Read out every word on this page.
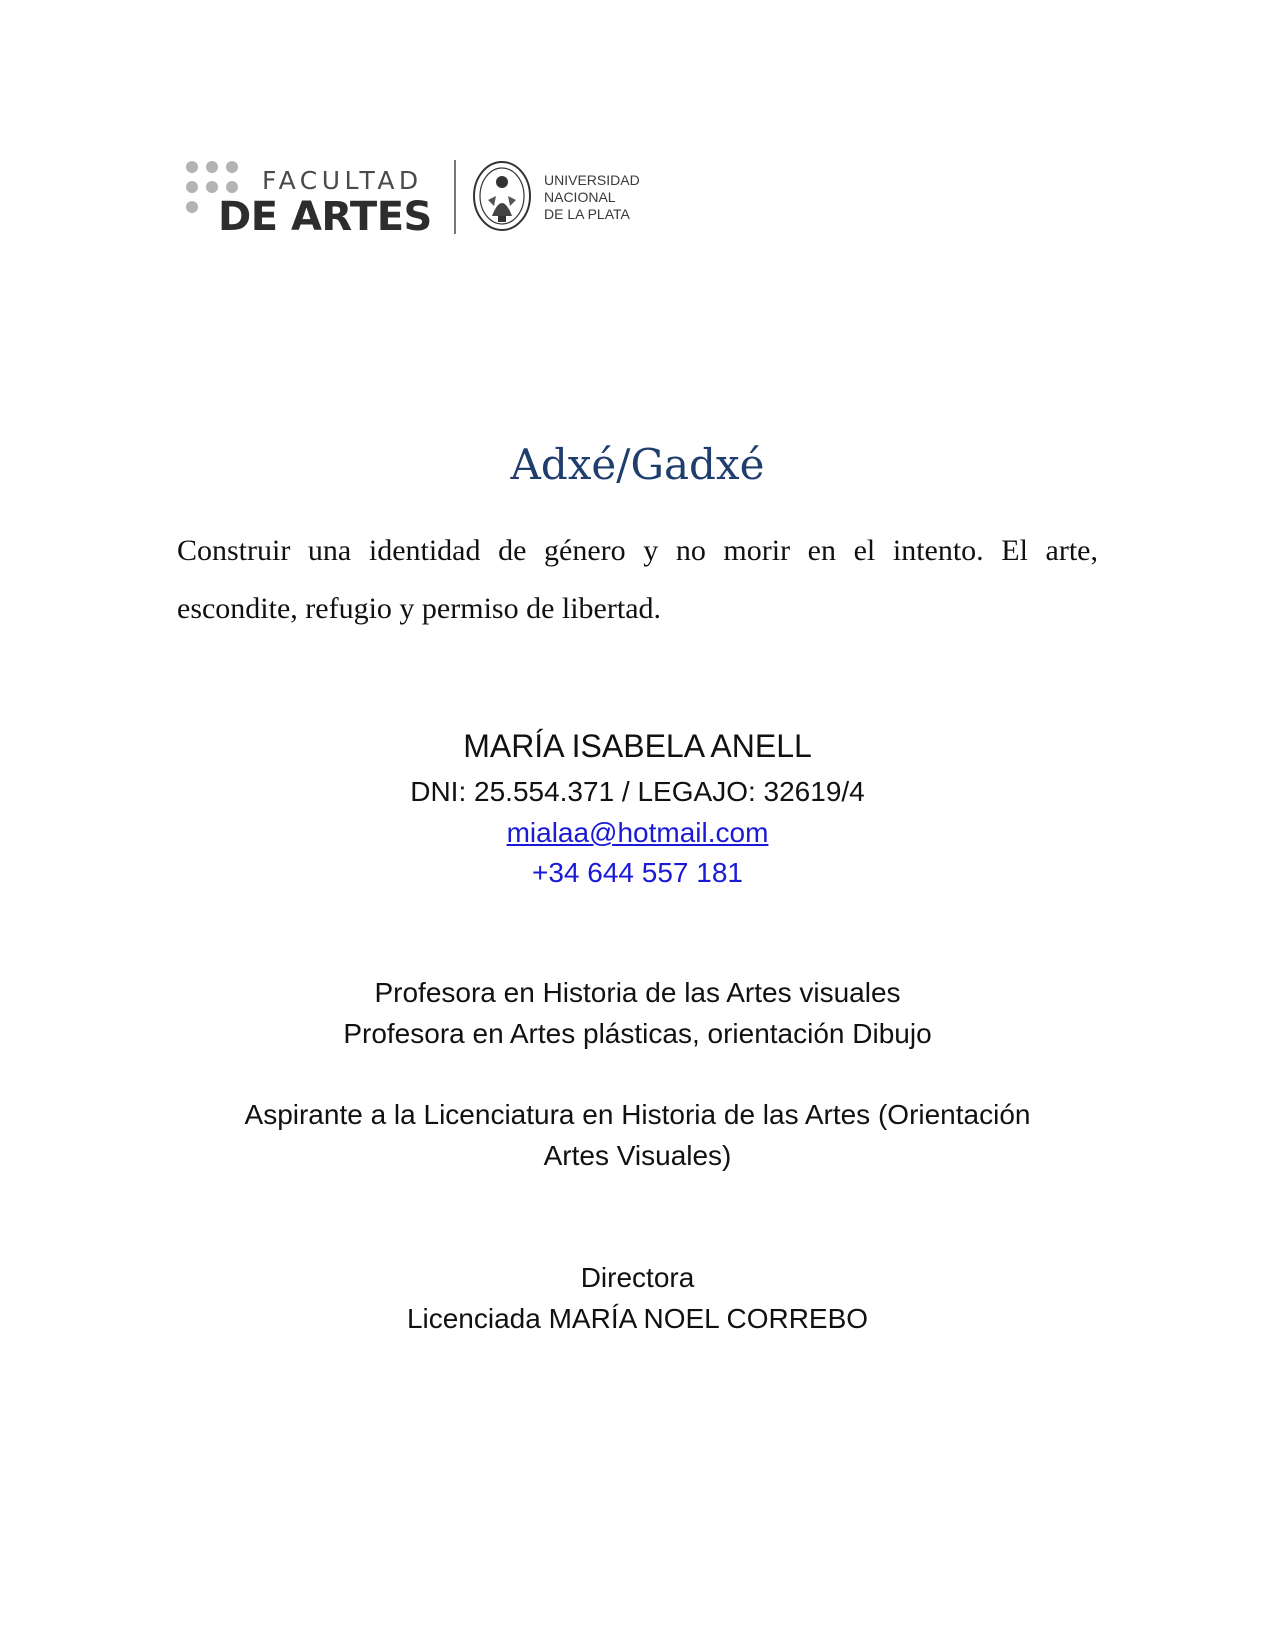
FACULTAD
DE ARTES
UNIVERSIDAD
NACIONAL
DE LA PLATA
Adxé/Gadxé
Construir una identidad de género y no morir en el intento. El arte, escondite, refugio y permiso de libertad.
MARÍA ISABELA ANELL
DNI: 25.554.371 / LEGAJO: 32619/4
mialaa@hotmail.com
+34 644 557 181
Profesora en Historia de las Artes visuales
Profesora en Artes plásticas, orientación Dibujo
Aspirante a la Licenciatura en Historia de las Artes (Orientación
Artes Visuales)
Directora
Licenciada MARÍA NOEL CORREBO
